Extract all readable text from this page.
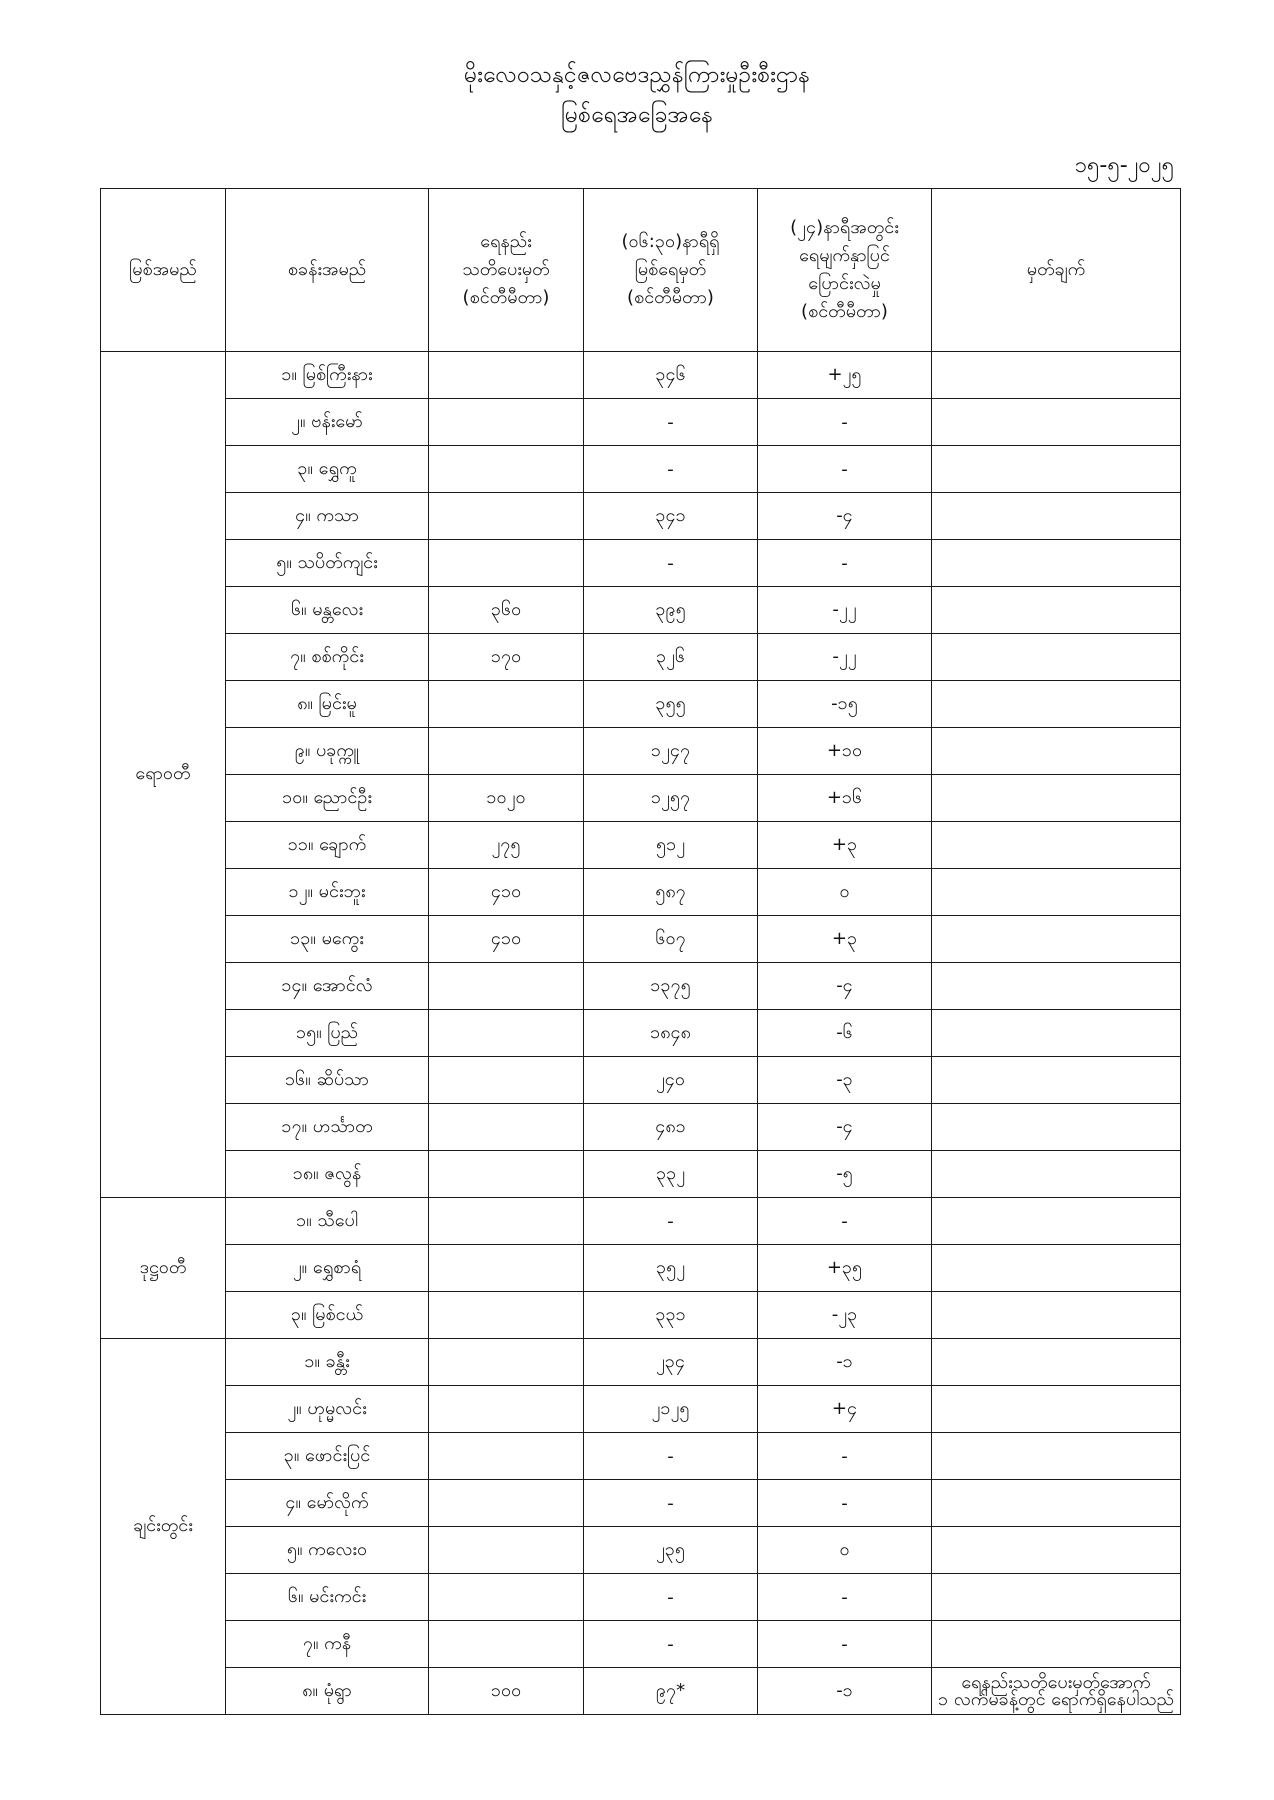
မိုးလေဝသနှင့်ဇလဗေဒညွှန်ကြားမှုဦးစီးဌာန
မြစ်ရေအခြေအနေ
၁၅-၅-၂၀၂၅
မြစ်အမည်	စခန်းအမည်	ရေနည်း
သတိပေးမှတ်
(စင်တီမီတာ)	(၀၆:၃၀)နာရီရှိ
မြစ်ရေမှတ်
(စင်တီမီတာ)	(၂၄)နာရီအတွင်း
ရေမျက်နှာပြင်
ပြောင်းလဲမှု
(စင်တီမီတာ)	မှတ်ချက်
ရောဝတီ	၁။ မြစ်ကြီးနား		၃၄၆	+၂၅	
	၂။ ဗန်းမော်		-	-	
	၃။ ရွှေကူ		-	-	
	၄။ ကသာ		၃၄၁	-၄	
	၅။ သပိတ်ကျင်း		-	-	
	၆။ မန္တလေး	၃၆၀	၃၉၅	-၂၂	
	၇။ စစ်ကိုင်း	၁၇၀	၃၂၆	-၂၂	
	၈။ မြင်းမူ		၃၅၅	-၁၅	
	၉။ ပခုက္ကူ		၁၂၄၇	+၁၀	
	၁၀။ ညောင်ဦး	၁၀၂၀	၁၂၅၇	+၁၆	
	၁၁။ ချောက်	၂၇၅	၅၁၂	+၃	
	၁၂။ မင်းဘူး	၄၁၀	၅၈၇	၀	
	၁၃။ မကွေး	၄၁၀	၆၀၇	+၃	
	၁၄။ အောင်လံ		၁၃၇၅	-၄	
	၁၅။ ပြည်		၁၈၄၈	-၆	
	၁၆။ ဆိပ်သာ		၂၄၀	-၃	
	၁၇။ ဟင်္သာတ		၄၈၁	-၄	
	၁၈။ ဇလွန်		၃၃၂	-၅	
ဒုဋ္ဌဝတီ	၁။ သီပေါ		-	-	
	၂။ ရွှေစာရံ		၃၅၂	+၃၅	
	၃။ မြစ်ငယ်		၃၃၁	-၂၃	
ချင်းတွင်း	၁။ ခန္တီး		၂၃၄	-၁	
	၂။ ဟုမ္မလင်း		၂၁၂၅	+၄	
	၃။ ဖောင်းပြင်		-	-	
	၄။ မော်လိုက်		-	-	
	၅။ ကလေးဝ		၂၃၅	၀	
	၆။ မင်းကင်း		-	-	
	၇။ ကနီ		-	-	
	၈။ မုံရွာ	၁၀၀	၉၇*	-၁	ရေနည်းသတိပေးမှတ်အောက်
၁ လက်မခန့်တွင် ရောက်ရှိနေပါသည်
